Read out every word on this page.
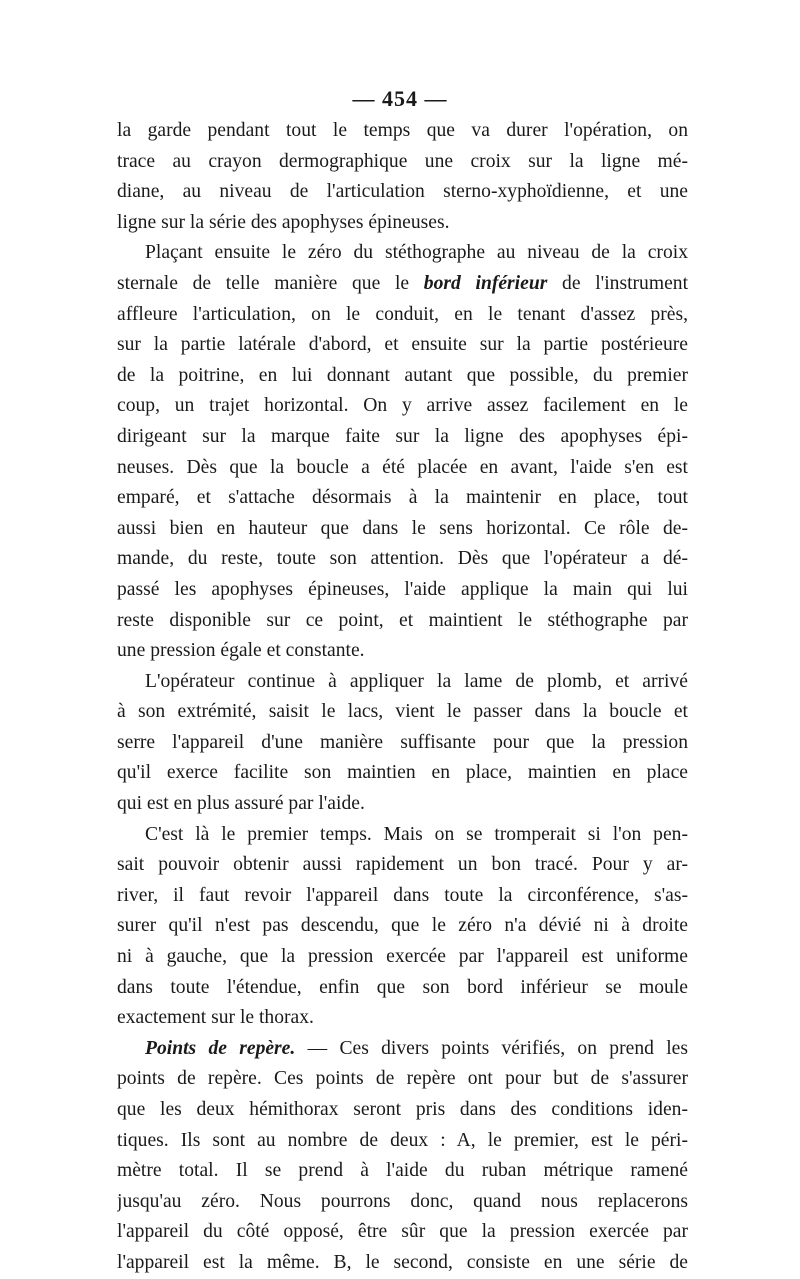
— 454 —
la garde pendant tout le temps que va durer l'opération, on
trace au crayon dermographique une croix sur la ligne mé-
diane, au niveau de l'articulation sterno-xyphoïdienne, et une
ligne sur la série des apophyses épineuses.
Plaçant ensuite le zéro du stéthographe au niveau de la croix
sternale de telle manière que le bord inférieur de l'instrument
affleure l'articulation, on le conduit, en le tenant d'assez près,
sur la partie latérale d'abord, et ensuite sur la partie postérieure
de la poitrine, en lui donnant autant que possible, du premier
coup, un trajet horizontal. On y arrive assez facilement en le
dirigeant sur la marque faite sur la ligne des apophyses épi-
neuses. Dès que la boucle a été placée en avant, l'aide s'en est
emparé, et s'attache désormais à la maintenir en place, tout
aussi bien en hauteur que dans le sens horizontal. Ce rôle de-
mande, du reste, toute son attention. Dès que l'opérateur a dé-
passé les apophyses épineuses, l'aide applique la main qui lui
reste disponible sur ce point, et maintient le stéthographe par
une pression égale et constante.
L'opérateur continue à appliquer la lame de plomb, et arrivé
à son extrémité, saisit le lacs, vient le passer dans la boucle et
serre l'appareil d'une manière suffisante pour que la pression
qu'il exerce facilite son maintien en place, maintien en place
qui est en plus assuré par l'aide.
C'est là le premier temps. Mais on se tromperait si l'on pen-
sait pouvoir obtenir aussi rapidement un bon tracé. Pour y ar-
river, il faut revoir l'appareil dans toute la circonférence, s'as-
surer qu'il n'est pas descendu, que le zéro n'a dévié ni à droite
ni à gauche, que la pression exercée par l'appareil est uniforme
dans toute l'étendue, enfin que son bord inférieur se moule
exactement sur le thorax.
Points de repère. — Ces divers points vérifiés, on prend les
points de repère. Ces points de repère ont pour but de s'assurer
que les deux hémithorax seront pris dans des conditions iden-
tiques. Ils sont au nombre de deux : A, le premier, est le péri-
mètre total. Il se prend à l'aide du ruban métrique ramené
jusqu'au zéro. Nous pourrons donc, quand nous replacerons
l'appareil du côté opposé, être sûr que la pression exercée par
l'appareil est la même. B, le second, consiste en une série de
